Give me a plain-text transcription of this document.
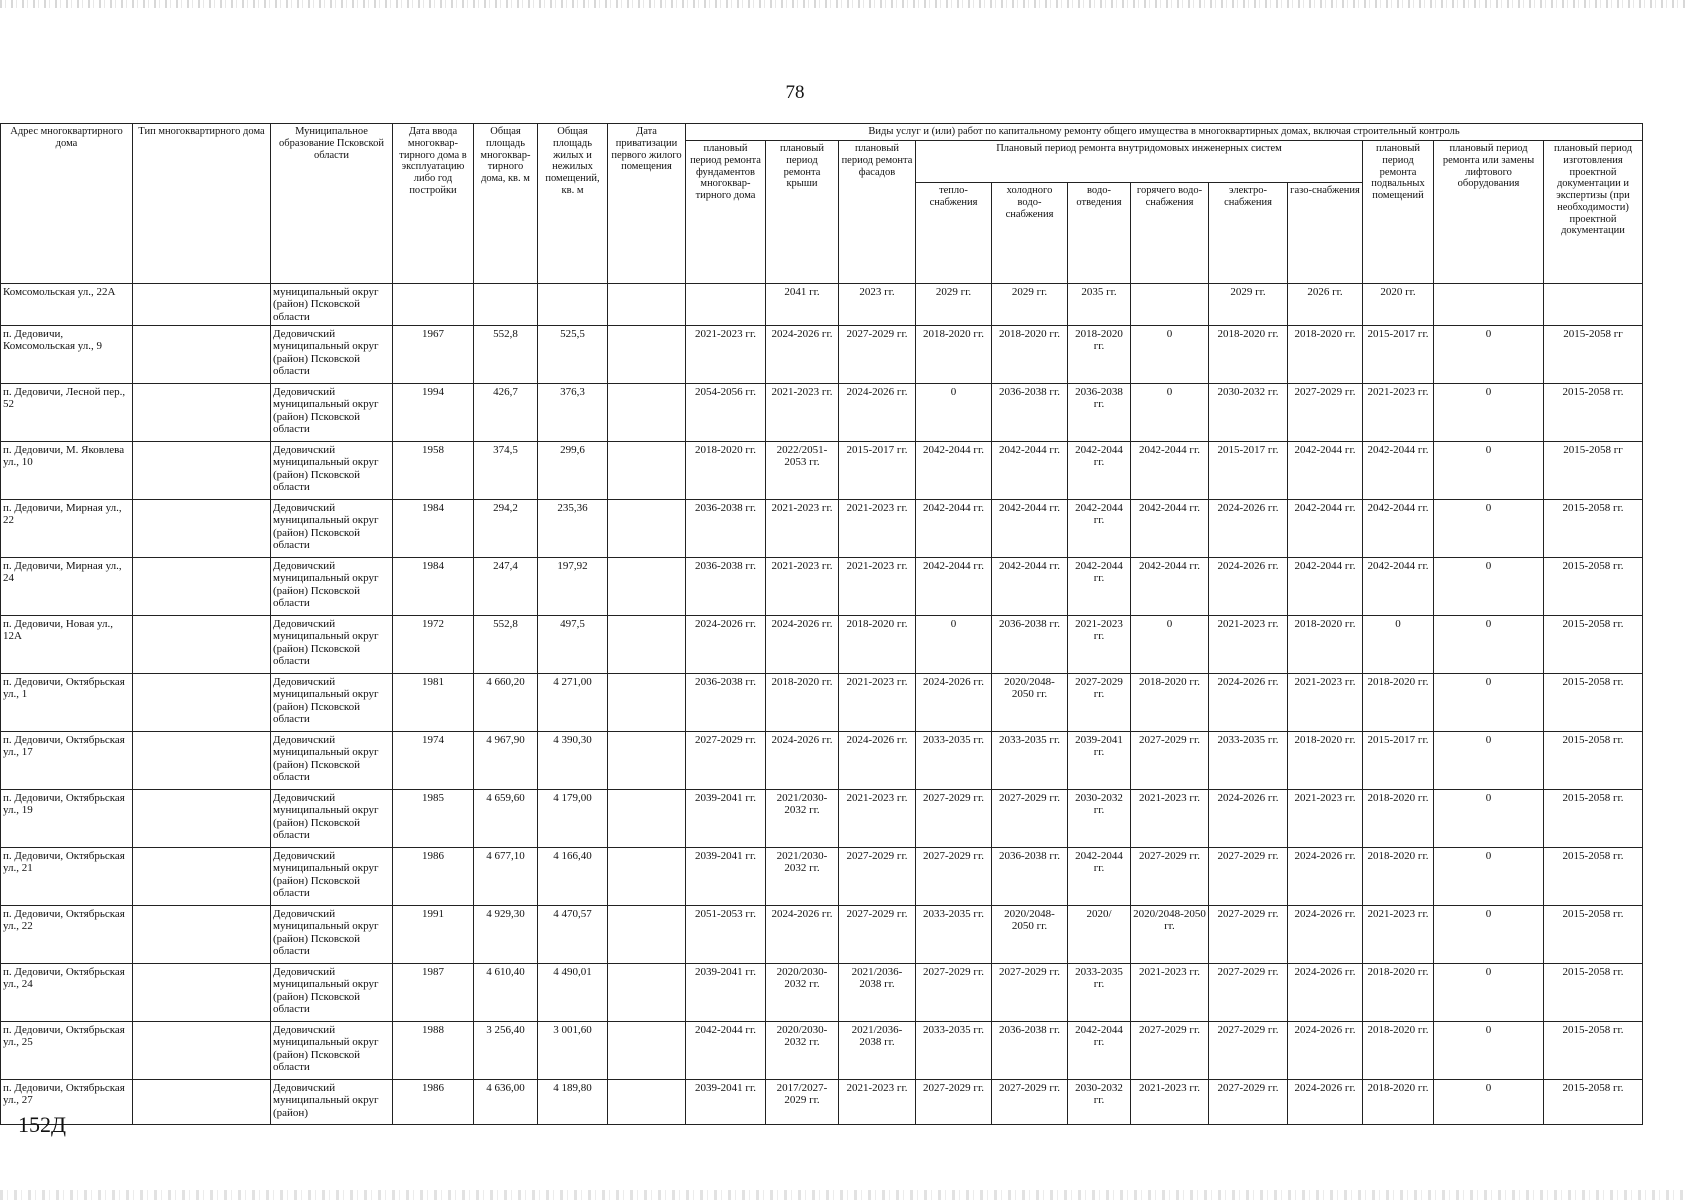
78
Адрес многоквартирного дома	Тип многоквартирного дома	Муниципальное образование Псковской области	Дата ввода многоквар-тирного дома в эксплуатацию либо год постройки	Общая площадь многоквар-тирного дома, кв. м	Общая площадь жилых и нежилых помещений, кв. м	Дата приватизации первого жилого помещения	Виды услуг и (или) работ по капитальному ремонту общего имущества в многоквартирных домах, включая строительный контроль											
							плановый период ремонта фундаментов многоквар-тирного дома	плановый период ремонта крыши	плановый период ремонта фасадов	Плановый период ремонта внутридомовых инженерных систем						плановый период ремонта подвальных помещений	плановый период ремонта или замены лифтового оборудования	плановый период изготовления проектной документации и экспертизы (при необходимости) проектной документации
										тепло-снабжения	холодного водо-снабжения	водо-отведения	горячего водо-снабжения	электро-снабжения	газо-снабжения			
Комсомольская ул., 22А		муниципальный округ (район) Псковской области						2041 гг.	2023 гг.	2029 гг.	2029 гг.	2035 гг.		2029 гг.	2026 гг.	2020 гг.		
п. Дедовичи, Комсомольская ул., 9		Дедовичский муниципальный округ (район) Псковской области	1967	552,8	525,5		2021-2023 гг.	2024-2026 гг.	2027-2029 гг.	2018-2020 гг.	2018-2020 гг.	2018-2020 гг.	0	2018-2020 гг.	2018-2020 гг.	2015-2017 гг.	0	2015-2058 гг
п. Дедовичи, Лесной пер., 52		Дедовичский муниципальный округ (район) Псковской области	1994	426,7	376,3		2054-2056 гг.	2021-2023 гг.	2024-2026 гг.	0	2036-2038 гг.	2036-2038 гг.	0	2030-2032 гг.	2027-2029 гг.	2021-2023 гг.	0	2015-2058 гг.
п. Дедовичи, М. Яковлева ул., 10		Дедовичский муниципальный округ (район) Псковской области	1958	374,5	299,6		2018-2020 гг.	2022/2051-2053 гг.	2015-2017 гг.	2042-2044 гг.	2042-2044 гг.	2042-2044 гг.	2042-2044 гг.	2015-2017 гг.	2042-2044 гг.	2042-2044 гг.	0	2015-2058 гг
п. Дедовичи, Мирная ул., 22		Дедовичский муниципальный округ (район) Псковской области	1984	294,2	235,36		2036-2038 гг.	2021-2023 гг.	2021-2023 гг.	2042-2044 гг.	2042-2044 гг.	2042-2044 гг.	2042-2044 гг.	2024-2026 гг.	2042-2044 гг.	2042-2044 гг.	0	2015-2058 гг.
п. Дедовичи, Мирная ул., 24		Дедовичский муниципальный округ (район) Псковской области	1984	247,4	197,92		2036-2038 гг.	2021-2023 гг.	2021-2023 гг.	2042-2044 гг.	2042-2044 гг.	2042-2044 гг.	2042-2044 гг.	2024-2026 гг.	2042-2044 гг.	2042-2044 гг.	0	2015-2058 гг.
п. Дедовичи, Новая ул., 12А		Дедовичский муниципальный округ (район) Псковской области	1972	552,8	497,5		2024-2026 гг.	2024-2026 гг.	2018-2020 гг.	0	2036-2038 гг.	2021-2023 гг.	0	2021-2023 гг.	2018-2020 гг.	0	0	2015-2058 гг.
п. Дедовичи, Октябрьская ул., 1		Дедовичский муниципальный округ (район) Псковской области	1981	4 660,20	4 271,00		2036-2038 гг.	2018-2020 гг.	2021-2023 гг.	2024-2026 гг.	2020/2048-2050 гг.	2027-2029 гг.	2018-2020 гг.	2024-2026 гг.	2021-2023 гг.	2018-2020 гг.	0	2015-2058 гг.
п. Дедовичи, Октябрьская ул., 17		Дедовичский муниципальный округ (район) Псковской области	1974	4 967,90	4 390,30		2027-2029 гг.	2024-2026 гг.	2024-2026 гг.	2033-2035 гг.	2033-2035 гг.	2039-2041 гг.	2027-2029 гг.	2033-2035 гг.	2018-2020 гг.	2015-2017 гг.	0	2015-2058 гг.
п. Дедовичи, Октябрьская ул., 19		Дедовичский муниципальный округ (район) Псковской области	1985	4 659,60	4 179,00		2039-2041 гг.	2021/2030-2032 гг.	2021-2023 гг.	2027-2029 гг.	2027-2029 гг.	2030-2032 гг.	2021-2023 гг.	2024-2026 гг.	2021-2023 гг.	2018-2020 гг.	0	2015-2058 гг.
п. Дедовичи, Октябрьская ул., 21		Дедовичский муниципальный округ (район) Псковской области	1986	4 677,10	4 166,40		2039-2041 гг.	2021/2030-2032 гг.	2027-2029 гг.	2027-2029 гг.	2036-2038 гг.	2042-2044 гг.	2027-2029 гг.	2027-2029 гг.	2024-2026 гг.	2018-2020 гг.	0	2015-2058 гг.
п. Дедовичи, Октябрьская ул., 22		Дедовичский муниципальный округ (район) Псковской области	1991	4 929,30	4 470,57		2051-2053 гг.	2024-2026 гг.	2027-2029 гг.	2033-2035 гг.	2020/2048-2050 гг.	2020/	2020/2048-2050 гг.	2027-2029 гг.	2024-2026 гг.	2021-2023 гг.	0	2015-2058 гг.
п. Дедовичи, Октябрьская ул., 24		Дедовичский муниципальный округ (район) Псковской области	1987	4 610,40	4 490,01		2039-2041 гг.	2020/2030-2032 гг.	2021/2036-2038 гг.	2027-2029 гг.	2027-2029 гг.	2033-2035 гг.	2021-2023 гг.	2027-2029 гг.	2024-2026 гг.	2018-2020 гг.	0	2015-2058 гг.
п. Дедовичи, Октябрьская ул., 25		Дедовичский муниципальный округ (район) Псковской области	1988	3 256,40	3 001,60		2042-2044 гг.	2020/2030-2032 гг.	2021/2036-2038 гг.	2033-2035 гг.	2036-2038 гг.	2042-2044 гг.	2027-2029 гг.	2027-2029 гг.	2024-2026 гг.	2018-2020 гг.	0	2015-2058 гг.
п. Дедовичи, Октябрьская ул., 27		Дедовичский муниципальный округ (район)	1986	4 636,00	4 189,80		2039-2041 гг.	2017/2027-2029 гг.	2021-2023 гг.	2027-2029 гг.	2027-2029 гг.	2030-2032 гг.	2021-2023 гг.	2027-2029 гг.	2024-2026 гг.	2018-2020 гг.	0	2015-2058 гг.
152Д
